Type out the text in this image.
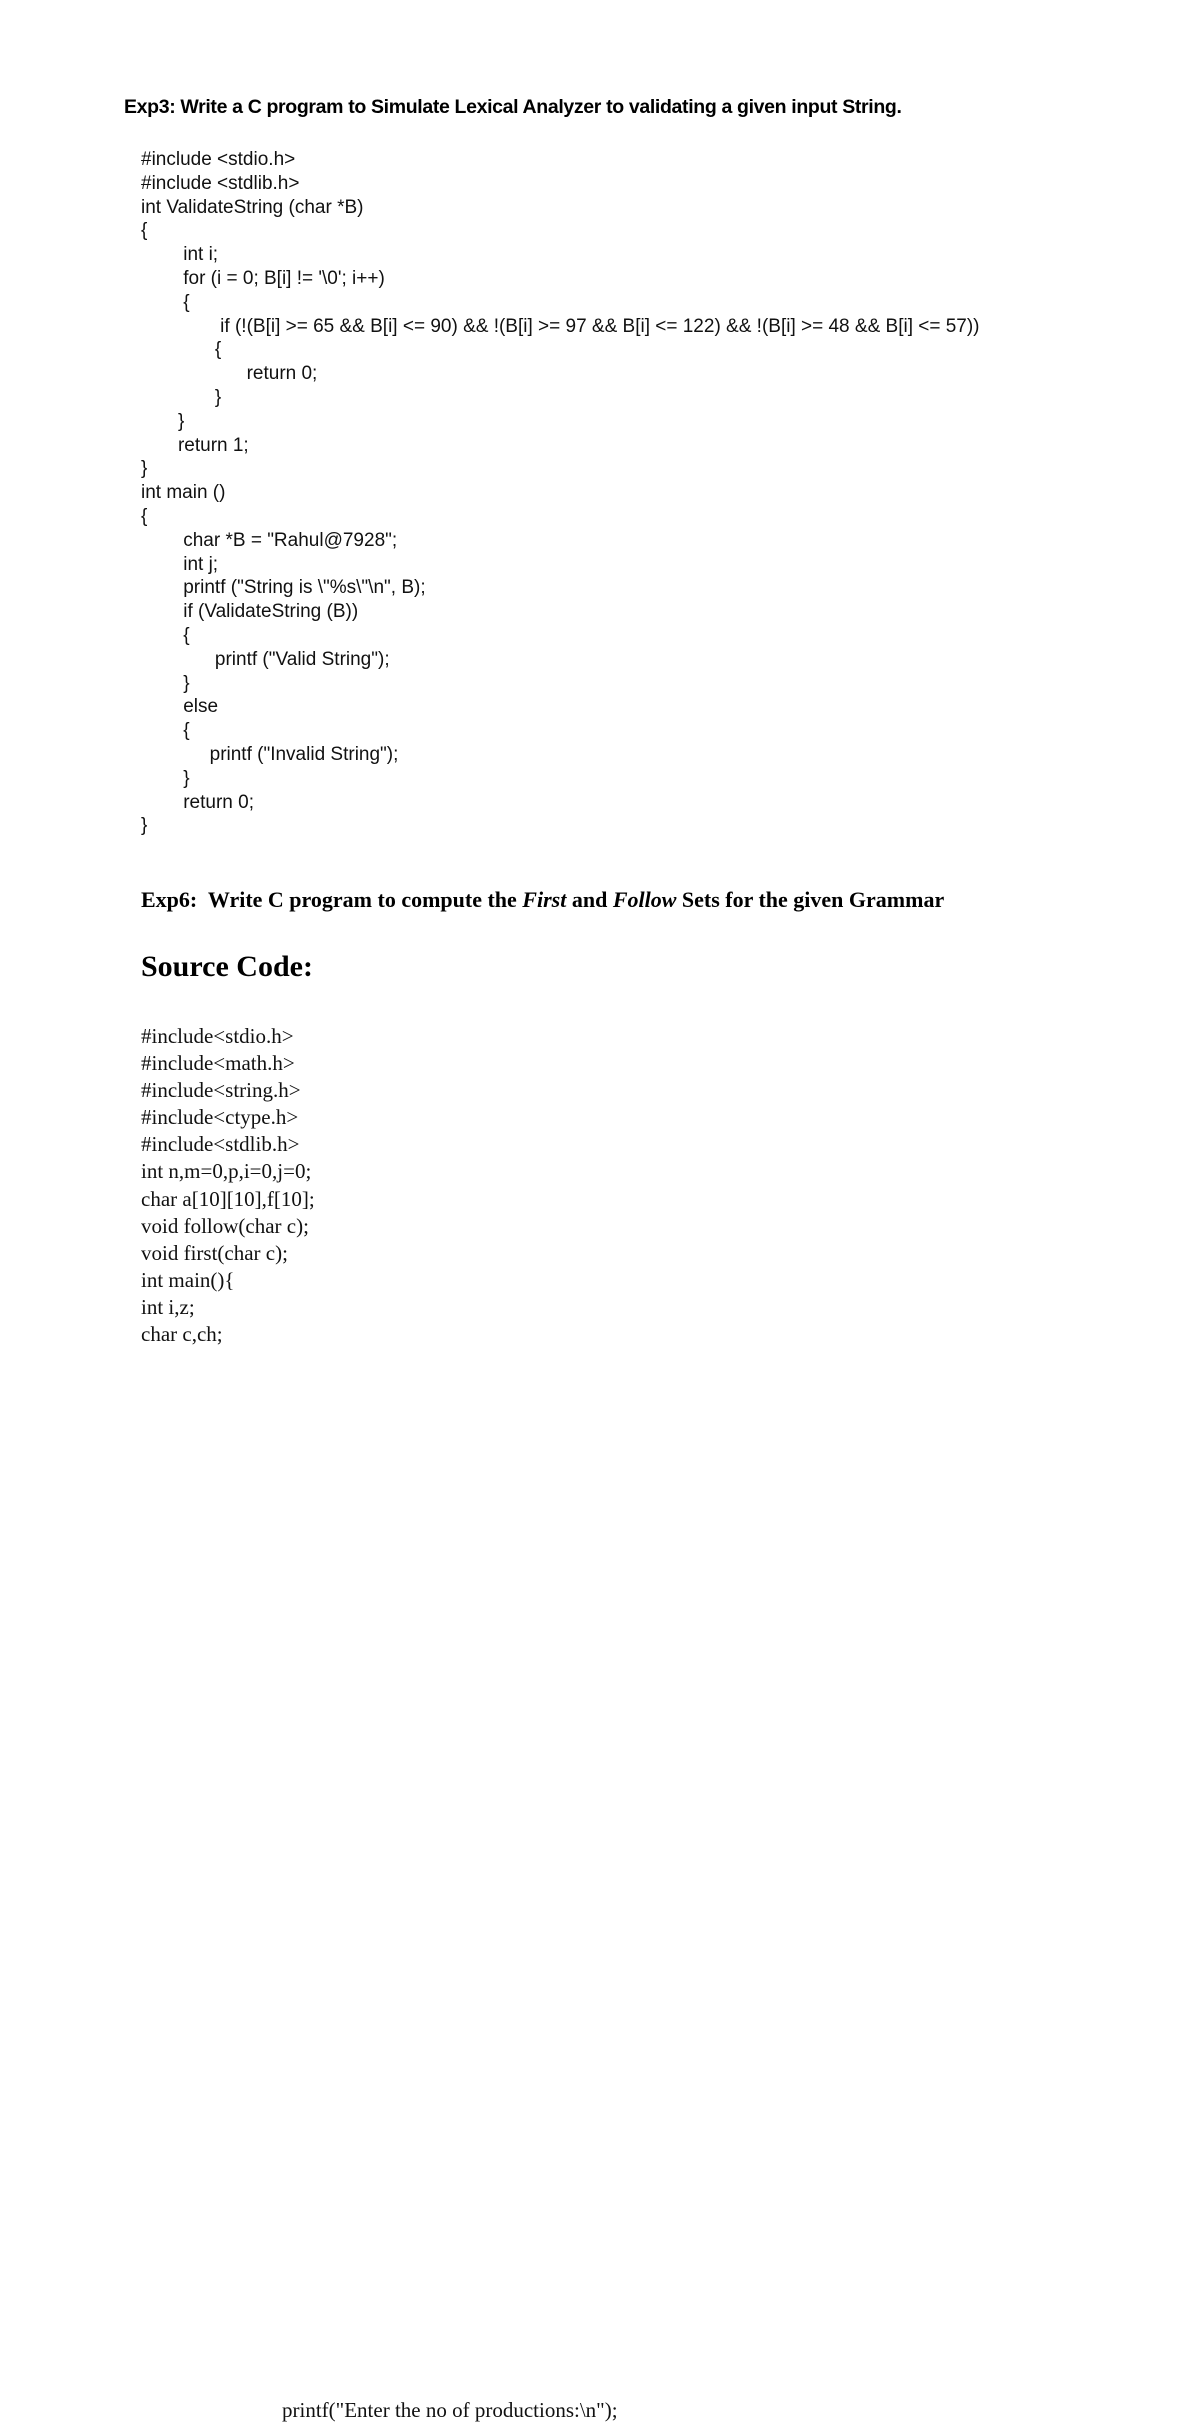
Exp3: Write a C program to Simulate Lexical Analyzer to validating a given input String.
#include <stdio.h>
#include <stdlib.h>
int ValidateString (char *B)
{
int i;
for (i = 0; B[i] != '\0'; i++)
{
if (!(B[i] >= 65 && B[i] <= 90) && !(B[i] >= 97 && B[i] <= 122) && !(B[i] >= 48 && B[i] <= 57))
{
return 0;
}
}
return 1;
}
int main ()
{
char *B = "Rahul@7928";
int j;
printf ("String is \"%s\"\n", B);
if (ValidateString (B))
{
printf ("Valid String");
}
else
{
printf ("Invalid String");
}
return 0;
}
Exp6:  Write C program to compute the First and Follow Sets for the given Grammar
Source Code:
#include<stdio.h>
#include<math.h>
#include<string.h>
#include<ctype.h>
#include<stdlib.h>
int n,m=0,p,i=0,j=0;
char a[10][10],f[10];
void follow(char c);
void first(char c);
int main(){
int i,z;
char c,ch;
printf("Enter the no of productions:\n");
